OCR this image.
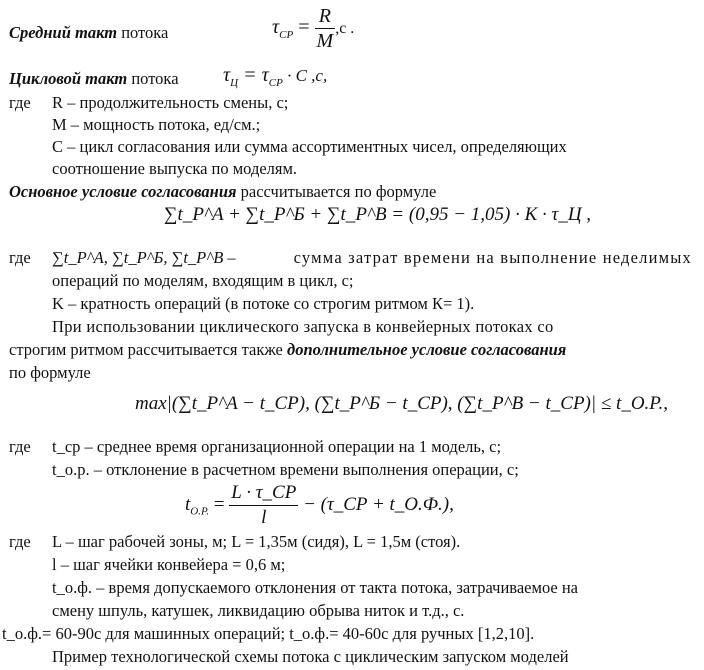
Средний такт потока	$\tau_{CP} = \frac{R}{M} ,с$ .
Цикловой такт потока $\tau_Ц = \tau_{CP} \cdot C$ ,с,
где R – продолжительность смены, с;
M – мощность потока, ед/см.;
C – цикл согласования или сумма ассортиментных чисел, определяющих
соотношение выпуска по моделям.
Основное условие согласования рассчитывается по формуле
∑t_P^A + ∑t_P^Б + ∑t_P^B = (0,95 − 1,05) · K · τ_Ц ,
где ∑t_P^A, ∑t_P^Б, ∑t_P^B –	сумма затрат времени на выполнение неделимых
операций по моделям, входящим в цикл, с;
K – кратность операций (в потоке со строгим ритмом К= 1).
При использовании циклического запуска в конвейерных потоках со
строгим ритмом рассчитывается также дополнительное условие согласования
по формуле
max|(∑t_P^A − t_CP), (∑t_P^Б − t_CP), (∑t_P^B − t_CP)| ≤ t_O.P.,
где t_cp – среднее время организационной операции на 1 модель, с;
t_o.p. – отклонение в расчетном времени выполнения операции, с;
$t_{O.P.} = \frac{L \cdot \tau\_CP}{l}$ − (τ_CP + t_O.Ф.),
где L – шаг рабочей зоны, м; L = 1,35м (сидя), L = 1,5м (стоя).
l – шаг ячейки конвейера = 0,6 м;
t_o.ф. – время допускаемого отклонения от такта потока, затрачиваемое на
смену шпуль, катушек, ликвидацию обрыва ниток и т.д., с.
t_o.ф.= 60-90с для машинных операций; t_o.ф.= 40-60с для ручных [1,2,10].
Пример технологической схемы потока с циклическим запуском моделей
